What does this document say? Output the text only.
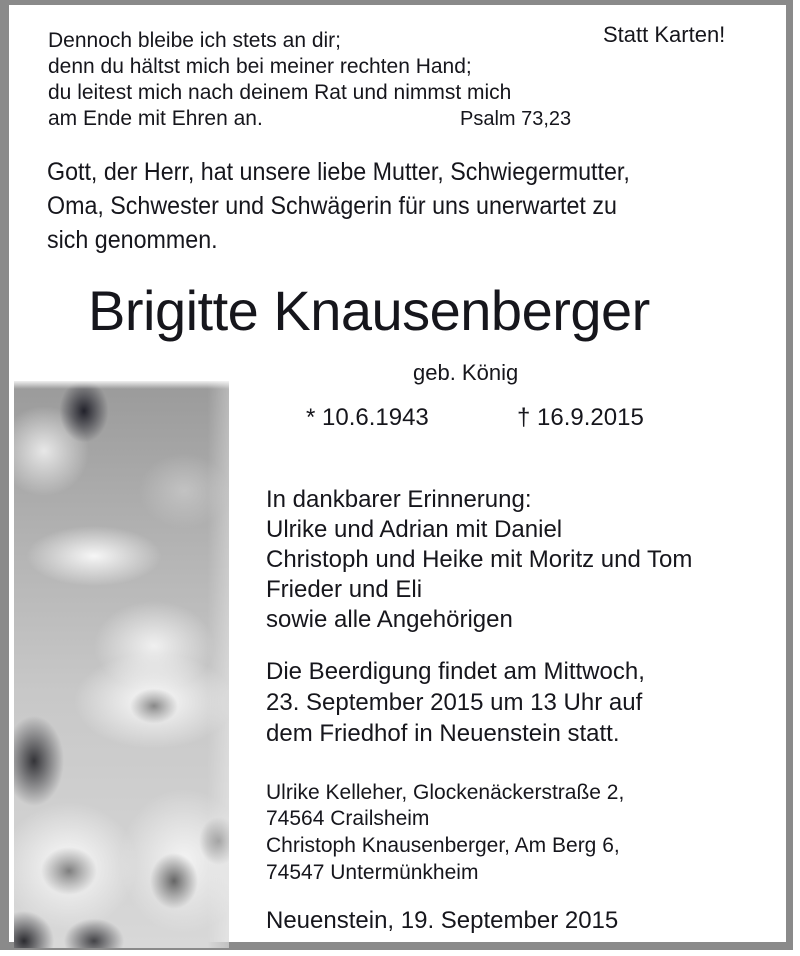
Dennoch bleibe ich stets an dir;
denn du hältst mich bei meiner rechten Hand;
du leitest mich nach deinem Rat und nimmst mich
am Ende mit Ehren an.	Psalm 73,23
Statt Karten!
Gott, der Herr, hat unsere liebe Mutter, Schwiegermutter,
Oma, Schwester und Schwägerin für uns unerwartet zu
sich genommen.
Brigitte Knausenberger
geb. König
* 10.6.1943	† 16.9.2015
In dankbarer Erinnerung:
Ulrike und Adrian mit Daniel
Christoph und Heike mit Moritz und Tom
Frieder und Eli
sowie alle Angehörigen
Die Beerdigung findet am Mittwoch,
23. September 2015 um 13 Uhr auf
dem Friedhof in Neuenstein statt.
Ulrike Kelleher, Glockenäckerstraße 2,
74564 Crailsheim
Christoph Knausenberger, Am Berg 6,
74547 Untermünkheim
Neuenstein, 19. September 2015
